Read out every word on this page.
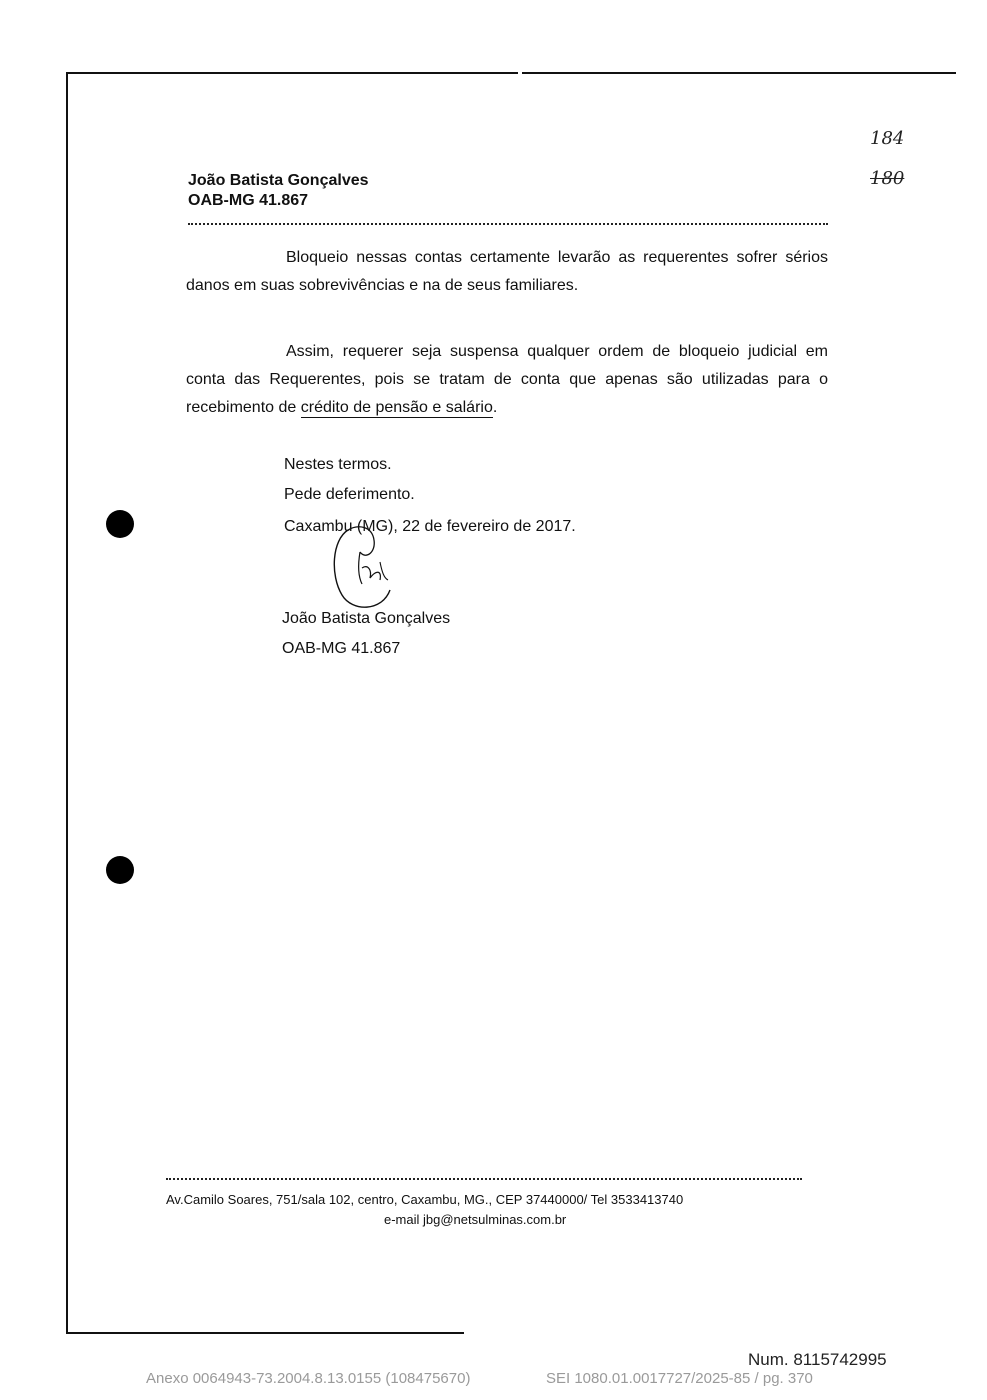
184
180
João Batista Gonçalves
OAB-MG 41.867

Bloqueio nessas contas certamente levarão as requerentes sofrer sérios danos em suas sobrevivências e na de seus familiares.

Assim, requerer seja suspensa qualquer ordem de bloqueio judicial em conta das Requerentes, pois se tratam de conta que apenas são utilizadas para o recebimento de crédito de pensão e salário.

Nestes termos.
Pede deferimento.
Caxambu (MG), 22 de fevereiro de 2017.
João Batista Gonçalves
OAB-MG 41.867
Av.Camilo Soares, 751/sala 102, centro, Caxambu, MG., CEP 37440000/ Tel 3533413740
e-mail jbg@netsulminas.com.br
Num. 8115742995
Anexo 0064943-73.2004.8.13.0155 (108475670)	SEI 1080.01.0017727/2025-85 / pg. 370
